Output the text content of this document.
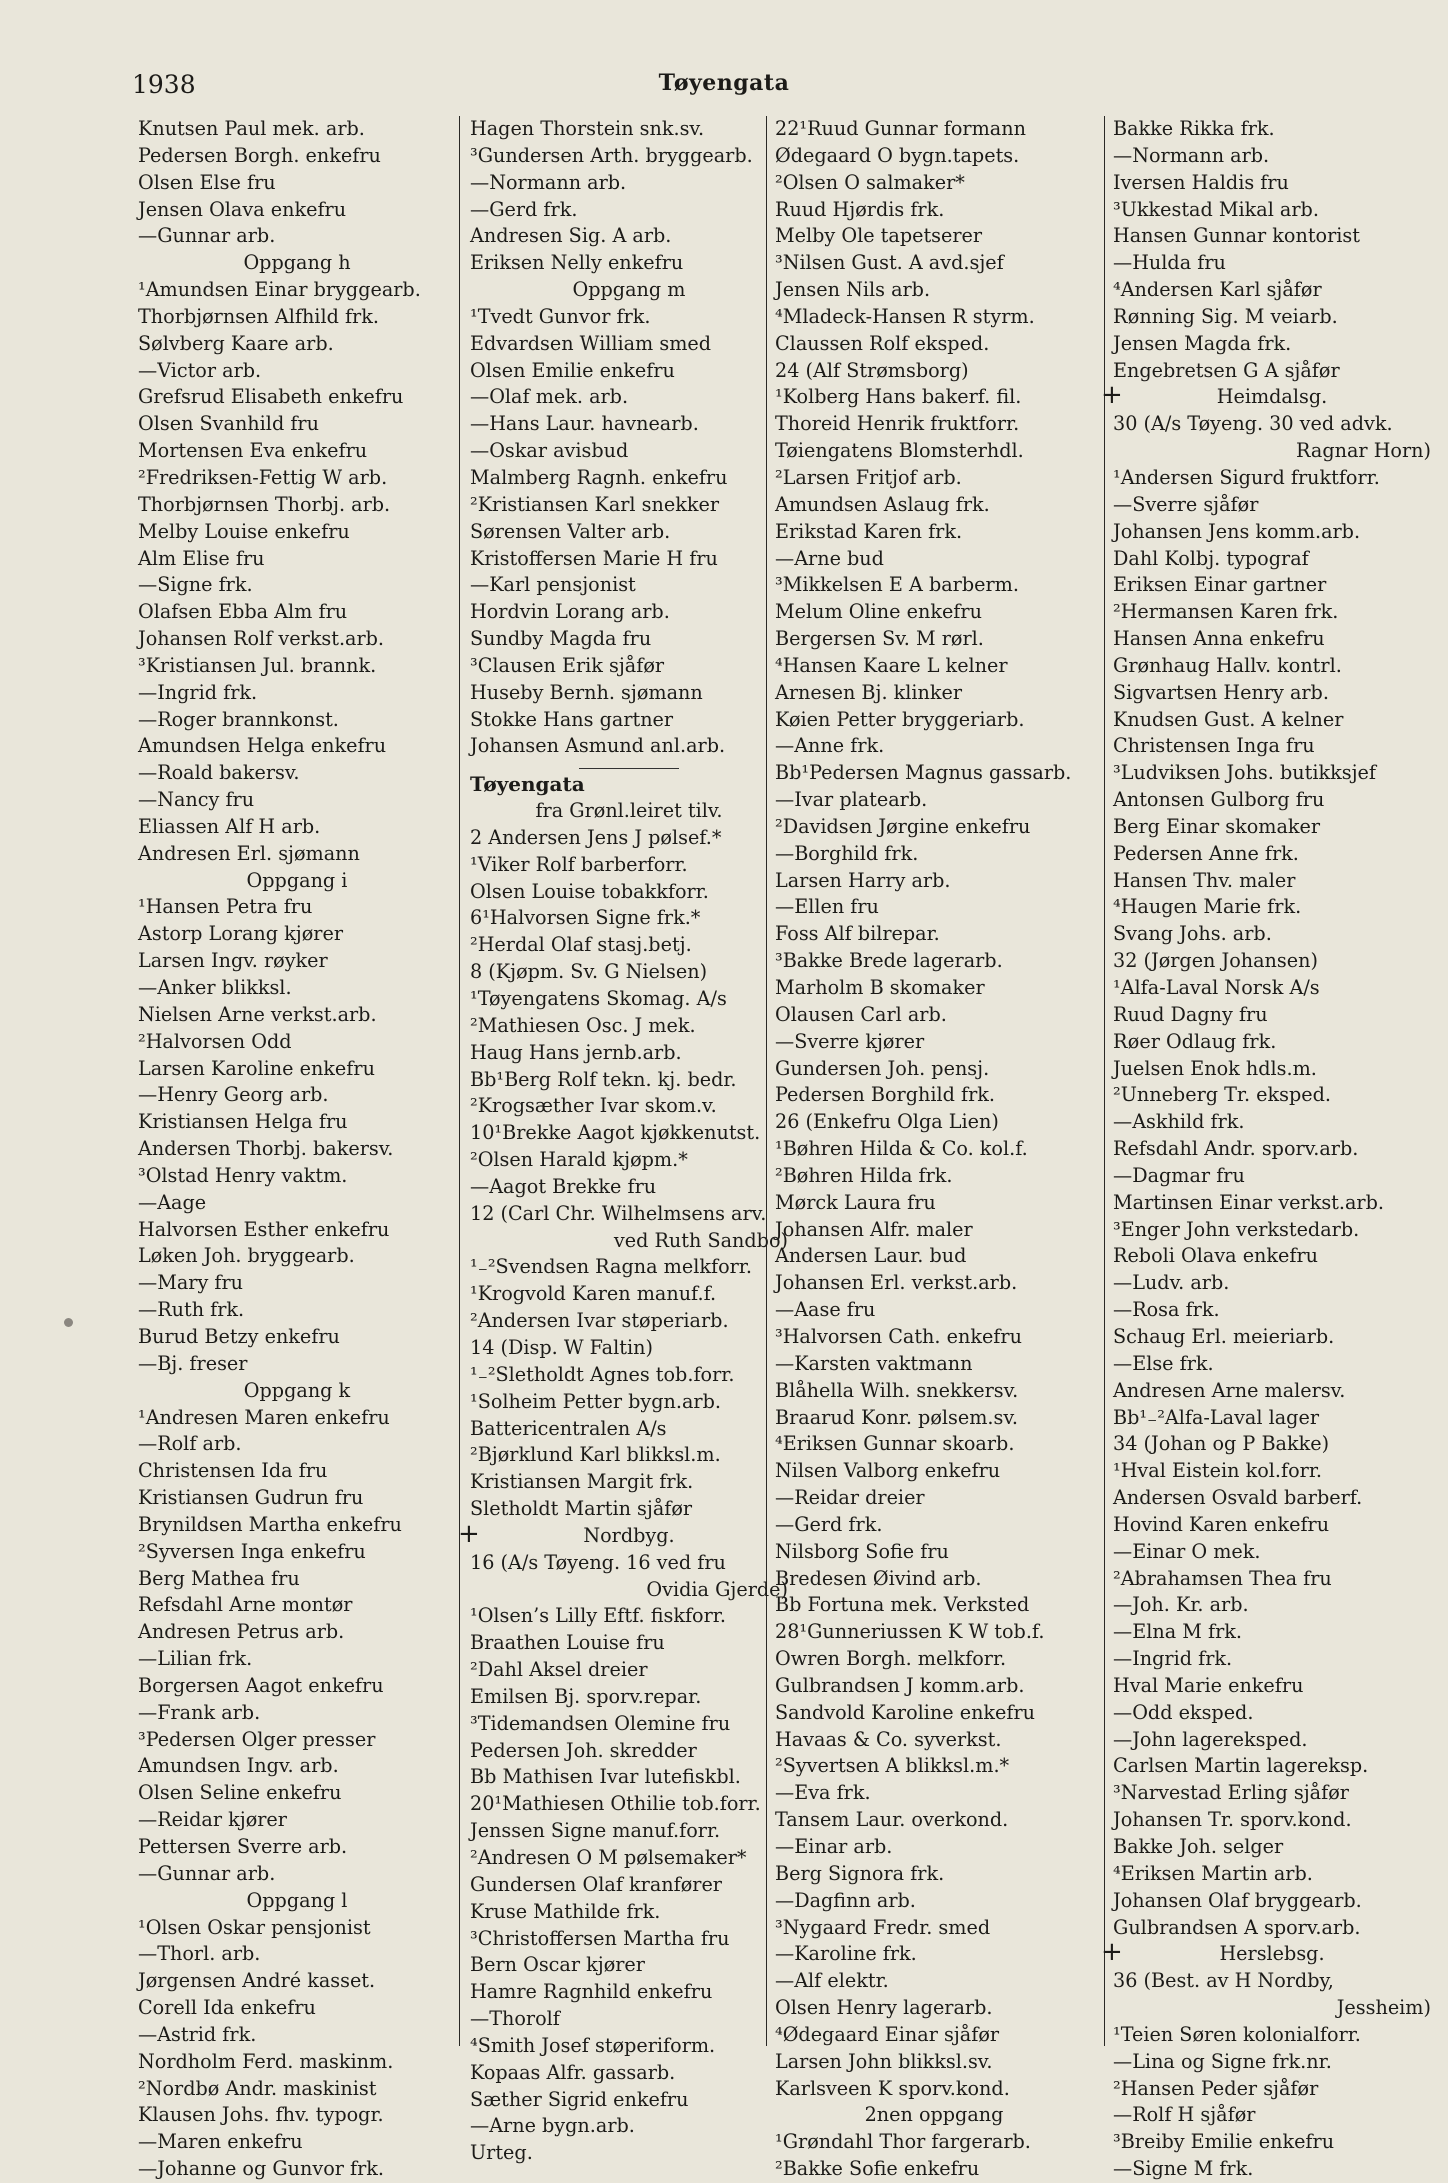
1938	Tøyengata
Knutsen Paul mek. arb.
Pedersen Borgh. enkefru
Olsen Else fru
Jensen Olava enkefru
—Gunnar arb.
Oppgang h
¹Amundsen Einar bryggearb.
Thorbjørnsen Alfhild frk.
Sølvberg Kaare arb.
—Victor arb.
Grefsrud Elisabeth enkefru
Olsen Svanhild fru
Mortensen Eva enkefru
²Fredriksen-Fettig W arb.
Thorbjørnsen Thorbj. arb.
Melby Louise enkefru
Alm Elise fru
—Signe frk.
Olafsen Ebba Alm fru
Johansen Rolf verkst.arb.
³Kristiansen Jul. brannk.
—Ingrid frk.
—Roger brannkonst.
Amundsen Helga enkefru
—Roald bakersv.
—Nancy fru
Eliassen Alf H arb.
Andresen Erl. sjømann
Oppgang i
¹Hansen Petra fru
Astorp Lorang kjører
Larsen Ingv. røyker
—Anker blikksl.
Nielsen Arne verkst.arb.
²Halvorsen Odd
Larsen Karoline enkefru
—Henry Georg arb.
Kristiansen Helga fru
Andersen Thorbj. bakersv.
³Olstad Henry vaktm.
—Aage
Halvorsen Esther enkefru
Løken Joh. bryggearb.
—Mary fru
—Ruth frk.
Burud Betzy enkefru
—Bj. freser
Oppgang k
¹Andresen Maren enkefru
—Rolf arb.
Christensen Ida fru
Kristiansen Gudrun fru
Brynildsen Martha enkefru
²Syversen Inga enkefru
Berg Mathea fru
Refsdahl Arne montør
Andresen Petrus arb.
—Lilian frk.
Borgersen Aagot enkefru
—Frank arb.
³Pedersen Olger presser
Amundsen Ingv. arb.
Olsen Seline enkefru
—Reidar kjører
Pettersen Sverre arb.
—Gunnar arb.
Oppgang l
¹Olsen Oskar pensjonist
—Thorl. arb.
Jørgensen André kasset.
Corell Ida enkefru
—Astrid frk.
Nordholm Ferd. maskinm.
²Nordbø Andr. maskinist
Klausen Johs. fhv. typogr.
—Maren enkefru
—Johanne og Gunvor frk.
Hagen Thorstein snk.sv.
³Gundersen Arth. bryggearb.
—Normann arb.
—Gerd frk.
Andresen Sig. A arb.
Eriksen Nelly enkefru
Oppgang m
¹Tvedt Gunvor frk.
Edvardsen William smed
Olsen Emilie enkefru
—Olaf mek. arb.
—Hans Laur. havnearb.
—Oskar avisbud
Malmberg Ragnh. enkefru
²Kristiansen Karl snekker
Sørensen Valter arb.
Kristoffersen Marie H fru
—Karl pensjonist
Hordvin Lorang arb.
Sundby Magda fru
³Clausen Erik sjåfør
Huseby Bernh. sjømann
Stokke Hans gartner
Johansen Asmund anl.arb.
Tøyengata
fra Grønl.leiret tilv.
2 Andersen Jens J pølsef.*
¹Viker Rolf barberforr.
Olsen Louise tobakkforr.
6¹Halvorsen Signe frk.*
²Herdal Olaf stasj.betj.
8 (Kjøpm. Sv. G Nielsen)
¹Tøyengatens Skomag. A/s
²Mathiesen Osc. J mek.
Haug Hans jernb.arb.
Bb¹Berg Rolf tekn. kj. bedr.
²Krogsæther Ivar skom.v.
10¹Brekke Aagot kjøkkenutst.
²Olsen Harald kjøpm.*
—Aagot Brekke fru
12 (Carl Chr. Wilhelmsens arv.
ved Ruth Sandbo)
¹₋²Svendsen Ragna melkforr.
¹Krogvold Karen manuf.f.
²Andersen Ivar støperiarb.
14 (Disp. W Faltin)
¹₋²Sletholdt Agnes tob.forr.
¹Solheim Petter bygn.arb.
Battericentralen A/s
²Bjørklund Karl blikksl.m.
Kristiansen Margit frk.
Sletholdt Martin sjåfør
Nordbyg.
+
16 (A/s Tøyeng. 16 ved fru
Ovidia Gjerde)
¹Olsen’s Lilly Eftf. fiskforr.
Braathen Louise fru
²Dahl Aksel dreier
Emilsen Bj. sporv.repar.
³Tidemandsen Olemine fru
Pedersen Joh. skredder
Bb Mathisen Ivar lutefiskbl.
20¹Mathiesen Othilie tob.forr.
Jenssen Signe manuf.forr.
²Andresen O M pølsemaker*
Gundersen Olaf kranfører
Kruse Mathilde frk.
³Christoffersen Martha fru
Bern Oscar kjører
Hamre Ragnhild enkefru
—Thorolf
⁴Smith Josef støperiform.
Kopaas Alfr. gassarb.
Sæther Sigrid enkefru
—Arne bygn.arb.
Urteg.
22¹Ruud Gunnar formann
Ødegaard O bygn.tapets.
²Olsen O salmaker*
Ruud Hjørdis frk.
Melby Ole tapetserer
³Nilsen Gust. A avd.sjef
Jensen Nils arb.
⁴Mladeck-Hansen R styrm.
Claussen Rolf eksped.
24 (Alf Strømsborg)
¹Kolberg Hans bakerf. fil.
Thoreid Henrik fruktforr.
Tøiengatens Blomsterhdl.
²Larsen Fritjof arb.
Amundsen Aslaug frk.
Erikstad Karen frk.
—Arne bud
³Mikkelsen E A barberm.
Melum Oline enkefru
Bergersen Sv. M rørl.
⁴Hansen Kaare L kelner
Arnesen Bj. klinker
Køien Petter bryggeriarb.
—Anne frk.
Bb¹Pedersen Magnus gassarb.
—Ivar platearb.
²Davidsen Jørgine enkefru
—Borghild frk.
Larsen Harry arb.
—Ellen fru
Foss Alf bilrepar.
³Bakke Brede lagerarb.
Marholm B skomaker
Olausen Carl arb.
—Sverre kjører
Gundersen Joh. pensj.
Pedersen Borghild frk.
26 (Enkefru Olga Lien)
¹Bøhren Hilda & Co. kol.f.
²Bøhren Hilda frk.
Mørck Laura fru
Johansen Alfr. maler
Andersen Laur. bud
Johansen Erl. verkst.arb.
—Aase fru
³Halvorsen Cath. enkefru
—Karsten vaktmann
Blåhella Wilh. snekkersv.
Braarud Konr. pølsem.sv.
⁴Eriksen Gunnar skoarb.
Nilsen Valborg enkefru
—Reidar dreier
—Gerd frk.
Nilsborg Sofie fru
Bredesen Øivind arb.
Bb Fortuna mek. Verksted
28¹Gunneriussen K W tob.f.
Owren Borgh. melkforr.
Gulbrandsen J komm.arb.
Sandvold Karoline enkefru
Havaas & Co. syverkst.
²Syvertsen A blikksl.m.*
—Eva frk.
Tansem Laur. overkond.
—Einar arb.
Berg Signora frk.
—Dagfinn arb.
³Nygaard Fredr. smed
—Karoline frk.
—Alf elektr.
Olsen Henry lagerarb.
⁴Ødegaard Einar sjåfør
Larsen John blikksl.sv.
Karlsveen K sporv.kond.
2nen oppgang
¹Grøndahl Thor fargerarb.
²Bakke Sofie enkefru
Bakke Rikka frk.
—Normann arb.
Iversen Haldis fru
³Ukkestad Mikal arb.
Hansen Gunnar kontorist
—Hulda fru
⁴Andersen Karl sjåfør
Rønning Sig. M veiarb.
Jensen Magda frk.
Engebretsen G A sjåfør
Heimdalsg.
+
30 (A/s Tøyeng. 30 ved advk.
Ragnar Horn)
¹Andersen Sigurd fruktforr.
—Sverre sjåfør
Johansen Jens komm.arb.
Dahl Kolbj. typograf
Eriksen Einar gartner
²Hermansen Karen frk.
Hansen Anna enkefru
Grønhaug Hallv. kontrl.
Sigvartsen Henry arb.
Knudsen Gust. A kelner
Christensen Inga fru
³Ludviksen Johs. butikksjef
Antonsen Gulborg fru
Berg Einar skomaker
Pedersen Anne frk.
Hansen Thv. maler
⁴Haugen Marie frk.
Svang Johs. arb.
32 (Jørgen Johansen)
¹Alfa-Laval Norsk A/s
Ruud Dagny fru
Røer Odlaug frk.
Juelsen Enok hdls.m.
²Unneberg Tr. eksped.
—Askhild frk.
Refsdahl Andr. sporv.arb.
—Dagmar fru
Martinsen Einar verkst.arb.
³Enger John verkstedarb.
Reboli Olava enkefru
—Ludv. arb.
—Rosa frk.
Schaug Erl. meieriarb.
—Else frk.
Andresen Arne malersv.
Bb¹₋²Alfa-Laval lager
34 (Johan og P Bakke)
¹Hval Eistein kol.forr.
Andersen Osvald barberf.
Hovind Karen enkefru
—Einar O mek.
²Abrahamsen Thea fru
—Joh. Kr. arb.
—Elna M frk.
—Ingrid frk.
Hval Marie enkefru
—Odd eksped.
—John lagereksped.
Carlsen Martin lagereksp.
³Narvestad Erling sjåfør
Johansen Tr. sporv.kond.
Bakke Joh. selger
⁴Eriksen Martin arb.
Johansen Olaf bryggearb.
Gulbrandsen A sporv.arb.
Herslebsg.
+
36 (Best. av H Nordby,
Jessheim)
¹Teien Søren kolonialforr.
—Lina og Signe frk.nr.
²Hansen Peder sjåfør
—Rolf H sjåfør
³Breiby Emilie enkefru
—Signe M frk.
